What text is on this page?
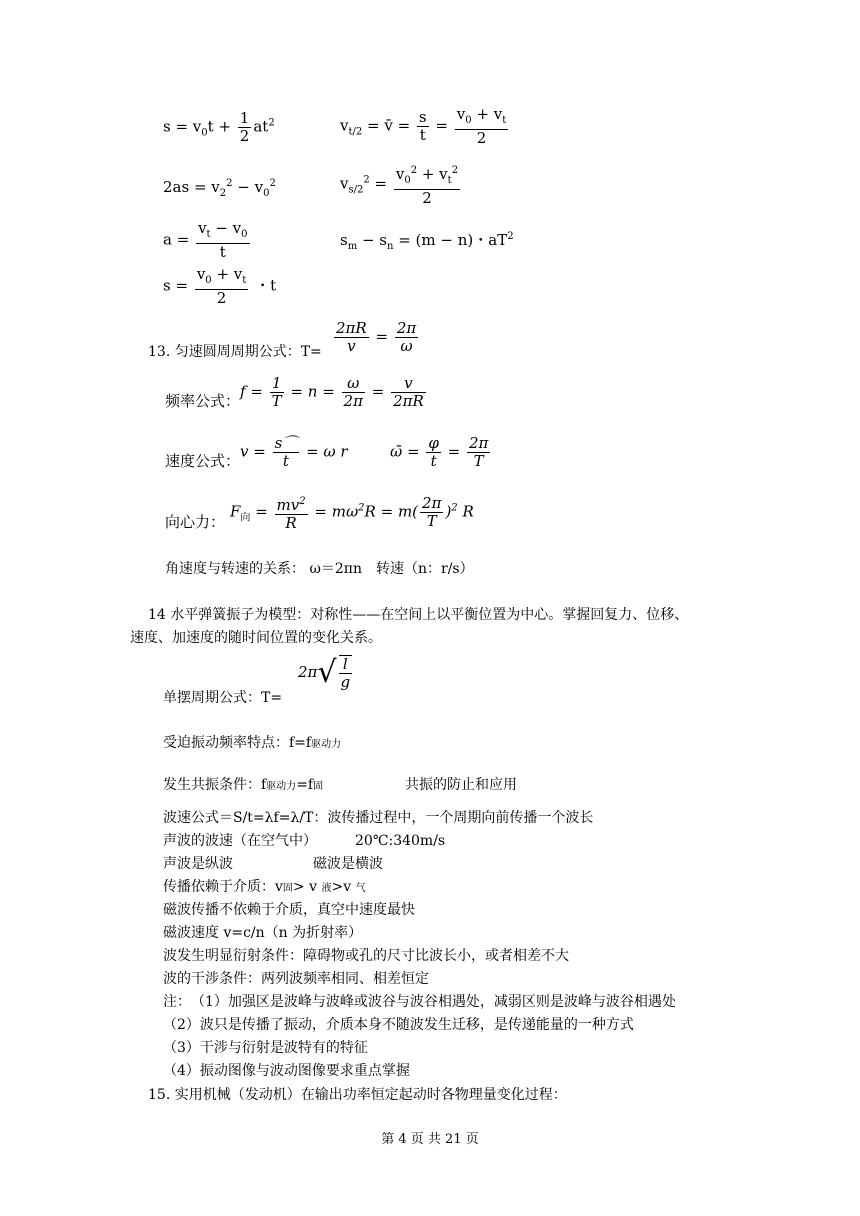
$s = v_0t + \frac{1}{2} at^2$	$v_{t/2}$ = v̄ = $\frac{s}{t} = \frac{v_0 + v_t}{2}$
$2as = v_2^2 - v_0^2$	$v_{s/2}^2 = \frac{v_0^2 + v_t^2}{2}$
$a = \frac{v_t - v_0}{t}$	$s_m - s_n = (m - n)$・$aT^2$
$s = \frac{v_0 + v_t}{2}$ ・t
13. 匀速圆周周期公式：$T= \frac{2\pi R}{v} = \frac{2\pi}{\omega}$
频率公式：
$f = \frac{1}{T} = n = \frac{\omega}{2\pi} = \frac{v}{2\pi R}$
速度公式：
$v = \frac{s⌒}{t} = \omega$ r	ω̄ = $\frac{\varphi}{t} = \frac{2\pi}{T}$
向心力：
$F_向 = \frac{mv^2}{R} = m\omega^2R = m( \frac{2\pi}{T} )^2$ R
角速度与转速的关系： ω＝2πn　转速（n：r/s）
14 水平弹簧振子为模型：对称性——在空间上以平衡位置为中心。掌握回复力、位移、
速度、加速度的随时间位置的变化关系。
单摆周期公式：T=
$2\pi√ \frac{l}{g}$
受迫振动频率特点：f=f驱动力
发生共振条件：f驱动力=f固	共振的防止和应用
波速公式＝S/t=λf=λ/T：波传播过程中，一个周期向前传播一个波长
声波的波速（在空气中）	20℃:340m/s
声波是纵波	磁波是横波
传播依赖于介质：v固> v 液>v 气
磁波传播不依赖于介质，真空中速度最快
磁波速度 v=c/n（n 为折射率）
波发生明显衍射条件：障碍物或孔的尺寸比波长小，或者相差不大
波的干涉条件：两列波频率相同、相差恒定
注：　（1）加强区是波峰与波峰或波谷与波谷相遇处，减弱区则是波峰与波谷相遇处
（2）波只是传播了振动，介质本身不随波发生迁移，是传递能量的一种方式
（3）干涉与衍射是波特有的特征
（4）振动图像与波动图像要求重点掌握
15. 实用机械（发动机）在输出功率恒定起动时各物理量变化过程：
第 4 页 共 21 页
